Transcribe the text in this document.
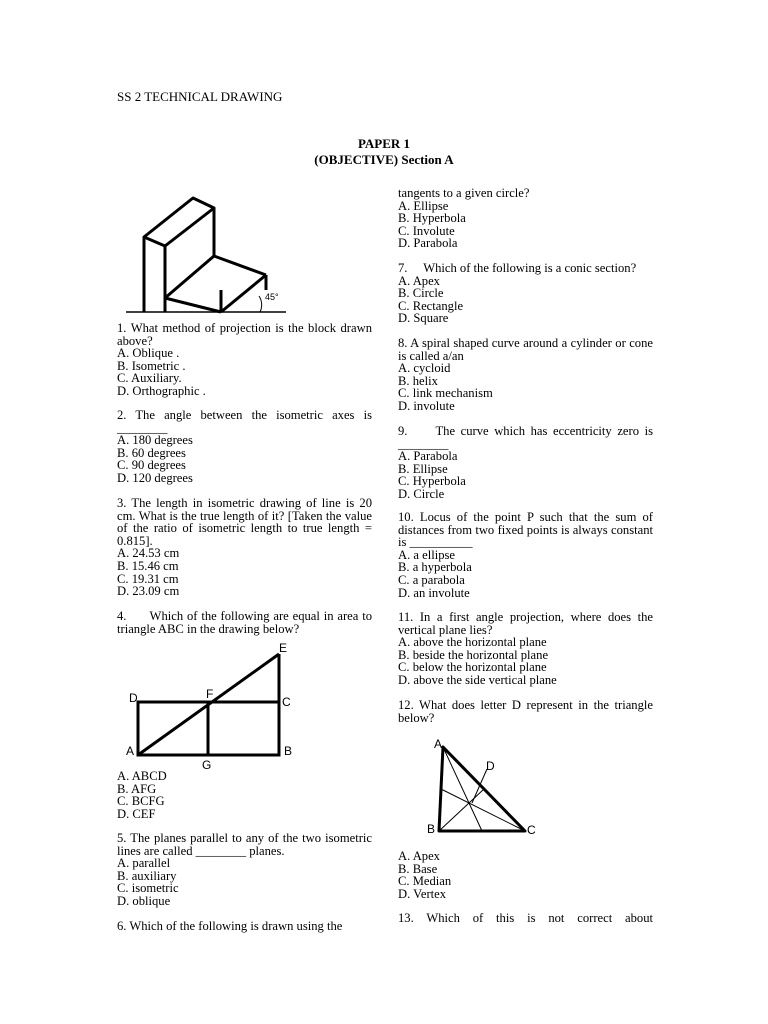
SS 2 TECHNICAL DRAWING
PAPER 1
(OBJECTIVE) Section A
45°
E
D	F
C
A	B
G
A
D
B	C
1. What method of projection is the block drawn above?
A. Oblique .
B. Isometric .
C. Auxiliary.
D. Orthographic .
2. The angle between the isometric axes is ________
A. 180 degrees
B. 60 degrees
C. 90 degrees
D. 120 degrees
3. The length in isometric drawing of line is 20 cm. What is the true length of it? [Taken the value of the ratio of isometric length to true length = 0.815].
A. 24.53 cm
B. 15.46 cm
C. 19.31 cm
D. 23.09 cm
4.      Which of the following are equal in area to triangle ABC in the drawing below?
A. ABCD
B. AFG
C. BCFG
D. CEF
5. The planes parallel to any of the two isometric lines are called ________ planes.
A. parallel
B. auxiliary
C. isometric
D. oblique
6. Which of the following is drawn using the
tangents to a given circle?
A. Ellipse
B. Hyperbola
C. Involute
D. Parabola
7.     Which of the following is a conic section?
A. Apex
B. Circle
C. Rectangle
D. Square
8. A spiral shaped curve around a cylinder or cone is called a/an
A. cycloid
B. helix
C. link mechanism
D. involute
9.     The curve which has eccentricity zero is ________
A. Parabola
B. Ellipse
C. Hyperbola
D. Circle
10. Locus of the point P such that the sum of distances from two fixed points is always constant is __________
A. a ellipse
B. a hyperbola
C. a parabola
D. an involute
11. In a first angle projection, where does the vertical plane lies?
A. above the horizontal plane
B. beside the horizontal plane
C. below the horizontal plane
D. above the side vertical plane
12. What does letter D represent in the triangle below?
A. Apex
B. Base
C. Median
D. Vertex
13. Which of this is not correct about
